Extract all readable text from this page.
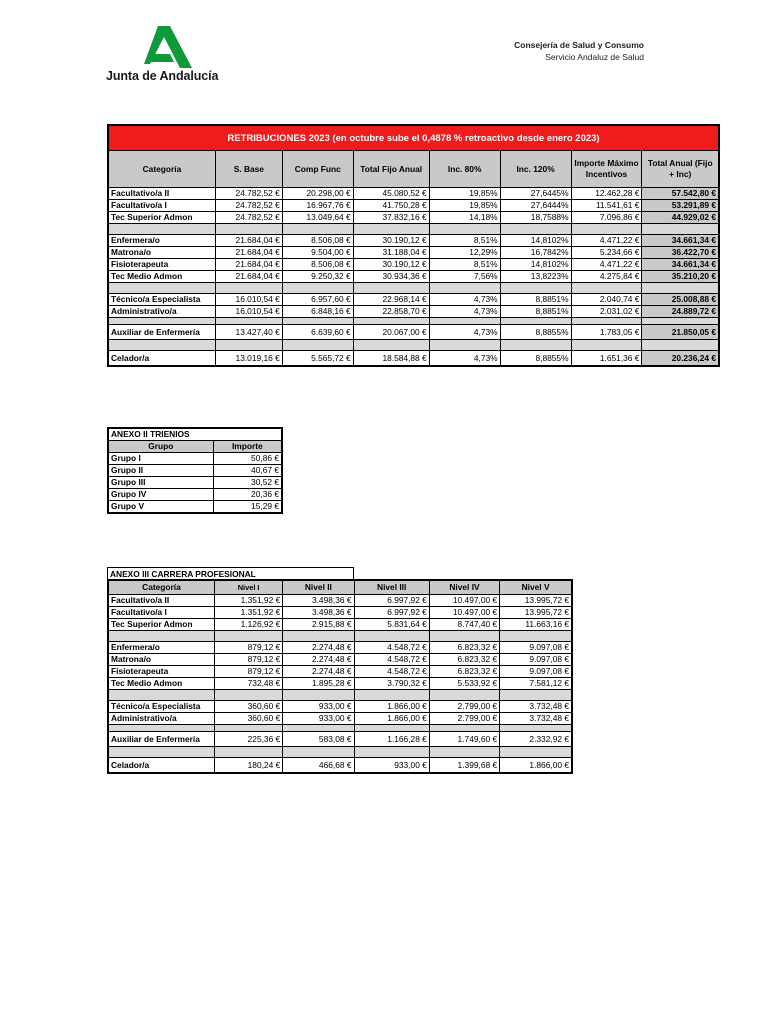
Junta de Andalucía
Consejería de Salud y Consumo
Servicio Andaluz de Salud
RETRIBUCIONES 2023 (en octubre sube el 0,4878 % retroactivo desde enero 2023)							
Categoría	S. Base	Comp Func	Total Fijo Anual	Inc. 80%	Inc. 120%	Importe Máximo Incentivos	Total Anual (Fijo + Inc)
Facultativo/a II	24.782,52 €	20.298,00 €	45.080,52 €	19,85%	27,6445%	12.462,28 €	57.542,80 €
Facultativo/a I	24.782,52 €	16.967,76 €	41.750,28 €	19,85%	27,6444%	11.541,61 €	53.291,89 €
Tec Superior Admon	24.782,52 €	13.049,64 €	37.832,16 €	14,18%	18,7588%	7.096,86 €	44.929,02 €

Enfermera/o	21.684,04 €	8.506,08 €	30.190,12 €	8,51%	14,8102%	4.471,22 €	34.661,34 €
Matrona/o	21.684,04 €	9.504,00 €	31.188,04 €	12,29%	16,7842%	5.234,66 €	36.422,70 €
Fisioterapeuta	21.684,04 €	8.506,08 €	30.190,12 €	8,51%	14,8102%	4.471,22 €	34.661,34 €
Tec Medio Admon	21.684,04 €	9.250,32 €	30.934,36 €	7,56%	13,8223%	4.275,84 €	35.210,20 €

Técnico/a Especialista	16.010,54 €	6.957,60 €	22.968,14 €	4,73%	8,8851%	2.040,74 €	25.008,88 €
Administrativo/a	16.010,54 €	6.848,16 €	22.858,70 €	4,73%	8,8851%	2.031,02 €	24.889,72 €

Auxiliar de Enfermería	13.427,40 €	6.639,60 €	20.067,00 €	4,73%	8,8855%	1.783,05 €	21.850,05 €

Celador/a	13.019,16 €	5.565,72 €	18.584,88 €	4,73%	8,8855%	1.651,36 €	20.236,24 €
ANEXO II TRIENIOS	
Grupo	Importe
Grupo I	50,86 €
Grupo II	40,67 €
Grupo III	30,52 €
Grupo IV	20,36 €
Grupo V	15,29 €
ANEXO III CARRERA PROFESIONAL
Categoría	Nivel I	Nivel II	Nivel III	Nivel IV	Nivel V
Facultativo/a II	1.351,92 €	3.498,36 €	6.997,92 €	10.497,00 €	13.995,72 €
Facultativo/a I	1.351,92 €	3.498,36 €	6.997,92 €	10.497,00 €	13.995,72 €
Tec Superior Admon	1.126,92 €	2.915,88 €	5.831,64 €	8.747,40 €	11.663,16 €

Enfermera/o	879,12 €	2.274,48 €	4.548,72 €	6.823,32 €	9.097,08 €
Matrona/o	879,12 €	2.274,48 €	4.548,72 €	6.823,32 €	9.097,08 €
Fisioterapeuta	879,12 €	2.274,48 €	4.548,72 €	6.823,32 €	9.097,08 €
Tec Medio Admon	732,48 €	1.895,28 €	3.790,32 €	5.533,92 €	7.581,12 €

Técnico/a Especialista	360,60 €	933,00 €	1.866,00 €	2.799,00 €	3.732,48 €
Administrativo/a	360,60 €	933,00 €	1.866,00 €	2.799,00 €	3.732,48 €

Auxiliar de Enfermería	225,36 €	583,08 €	1.166,28 €	1.749,60 €	2.332,92 €

Celador/a	180,24 €	466,68 €	933,00 €	1.399,68 €	1.866,00 €
